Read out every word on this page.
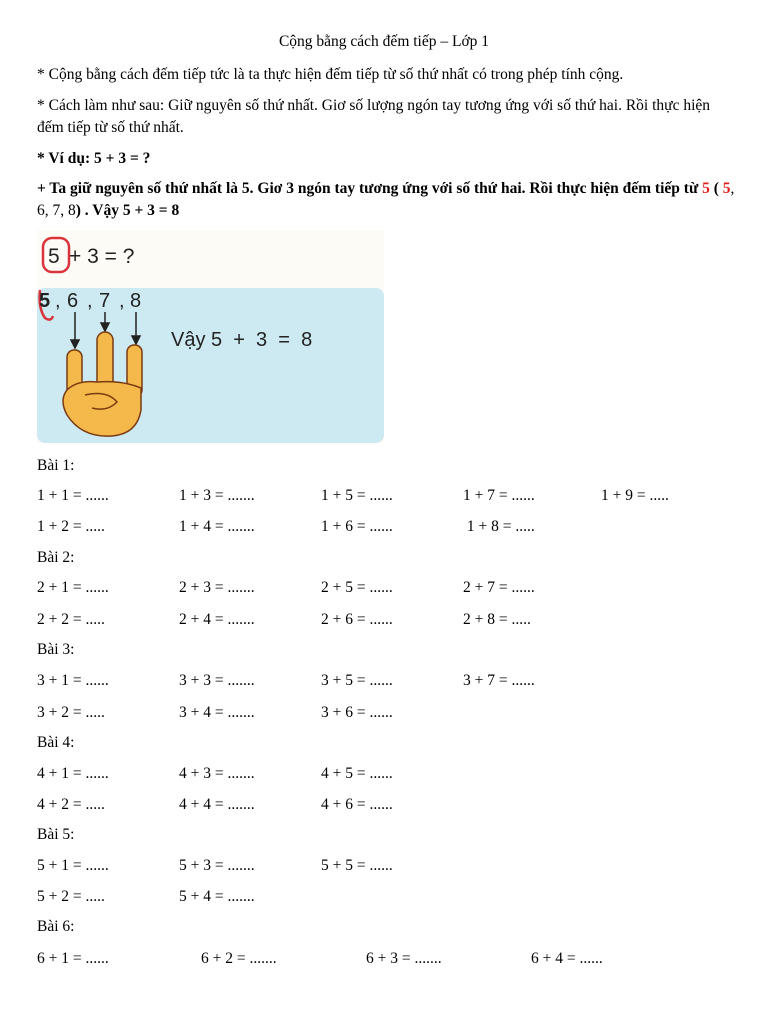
Cộng bằng cách đếm tiếp – Lớp 1
* Cộng bằng cách đếm tiếp tức là ta thực hiện đếm tiếp từ số thứ nhất có trong phép tính cộng.
* Cách làm như sau: Giữ nguyên số thứ nhất. Giơ số lượng ngón tay tương ứng với số thứ hai. Rồi thực hiện đếm tiếp từ số thứ nhất.
* Ví dụ: 5 + 3 = ?
+ Ta giữ nguyên số thứ nhất là 5. Giơ 3 ngón tay tương ứng với số thứ hai. Rồi thực hiện đếm tiếp từ 5 ( 5, 6, 7, 8) . Vậy 5 + 3 = 8
5 + 3 = ?
5 , 6 , 7 , 8
Vậy 5  +  3  =  8
Bài 1:
1 + 1 = ......	1 + 3 = .......	1 + 5 = ......	1 + 7 = ......	1 + 9 = .....
1 + 2 = .....	1 + 4 = .......	1 + 6 = ......	1 + 8 = .....
Bài 2:
2 + 1 = ......	2 + 3 = .......	2 + 5 = ......	2 + 7 = ......
2 + 2 = .....	2 + 4 = .......	2 + 6 = ......	2 + 8 = .....
Bài 3:
3 + 1 = ......	3 + 3 = .......	3 + 5 = ......	3 + 7 = ......
3 + 2 = .....	3 + 4 = .......	3 + 6 = ......
Bài 4:
4 + 1 = ......	4 + 3 = .......	4 + 5 = ......
4 + 2 = .....	4 + 4 = .......	4 + 6 = ......
Bài 5:
5 + 1 = ......	5 + 3 = .......	5 + 5 = ......
5 + 2 = .....	5 + 4 = .......
Bài 6:
6 + 1 = ......	6 + 2 = .......	6 + 3 = .......	6 + 4 = ......
